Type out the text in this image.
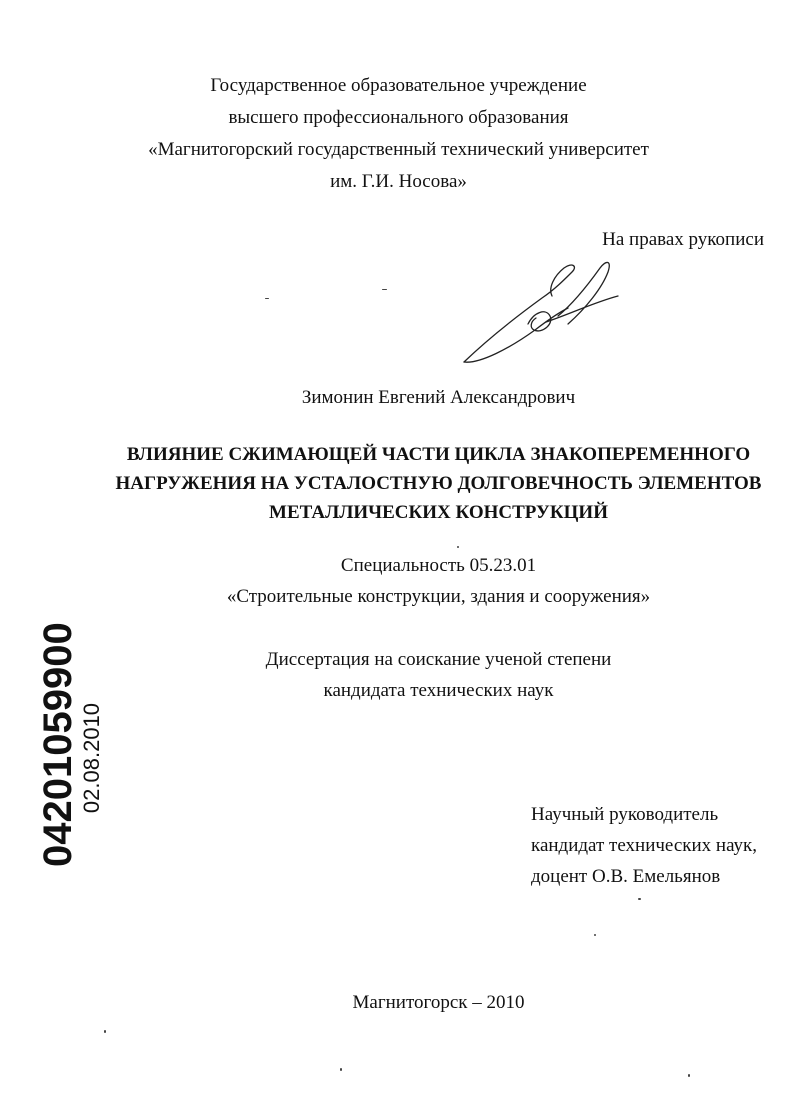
Государственное образовательное учреждение
высшего профессионального образования
«Магнитогорский государственный технический университет
им. Г.И. Носова»
На правах рукописи
Зимонин Евгений Александрович
ВЛИЯНИЕ СЖИМАЮЩЕЙ ЧАСТИ ЦИКЛА ЗНАКОПЕРЕМЕННОГО
НАГРУЖЕНИЯ НА УСТАЛОСТНУЮ ДОЛГОВЕЧНОСТЬ ЭЛЕМЕНТОВ
МЕТАЛЛИЧЕСКИХ КОНСТРУКЦИЙ
Специальность 05.23.01
«Строительные конструкции, здания и сооружения»
Диссертация на соискание ученой степени
кандидата технических наук
04201059900 02.08.2010
Научный руководитель
кандидат технических наук,
доцент О.В. Емельянов
Магнитогорск – 2010
